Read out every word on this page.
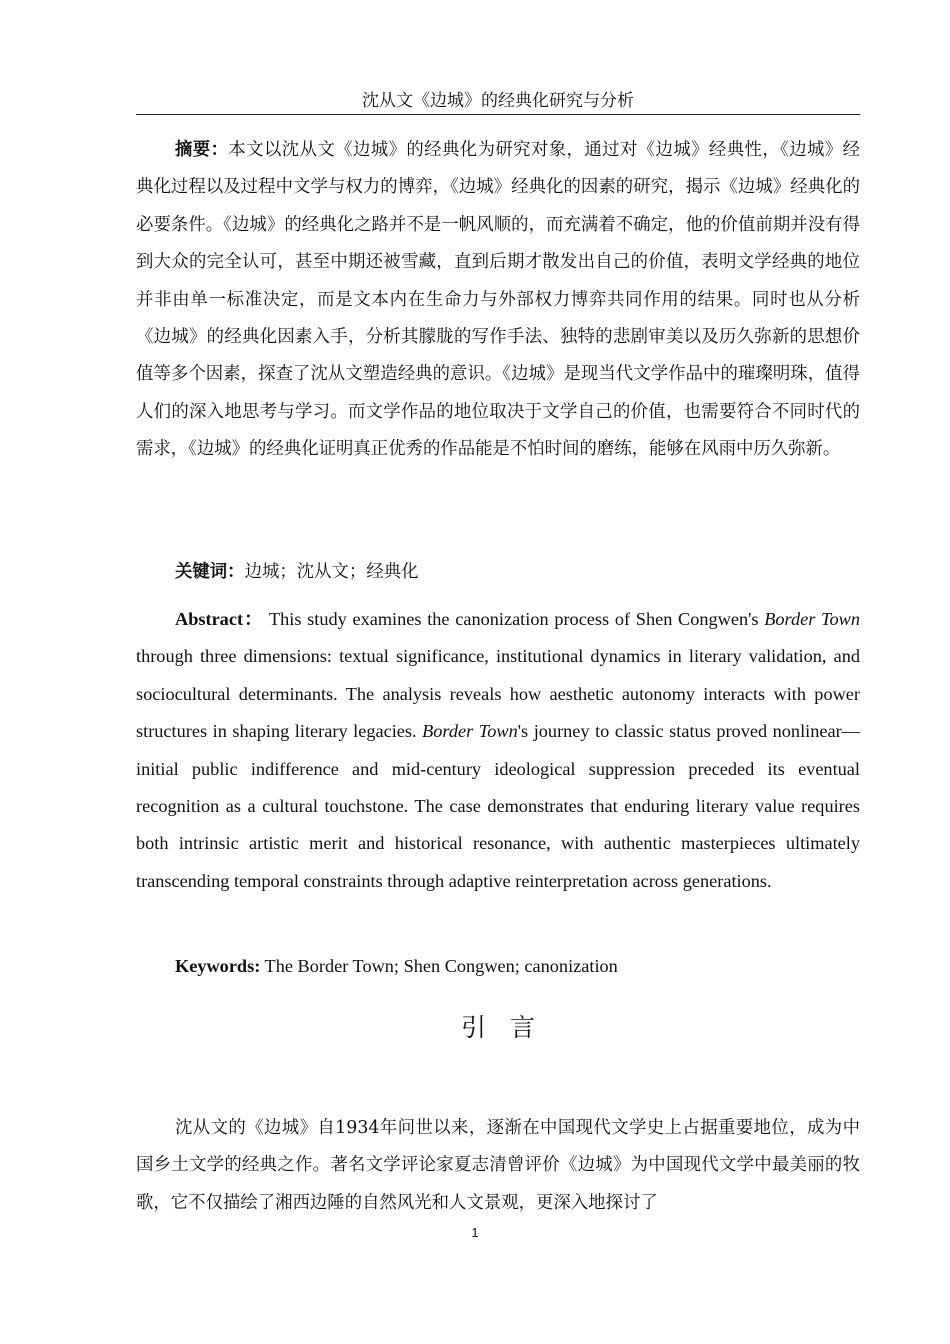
沈从文《边城》的经典化研究与分析
摘要：本文以沈从文《边城》的经典化为研究对象，通过对《边城》经典性，《边城》经典化过程以及过程中文学与权力的博弈，《边城》经典化的因素的研究，揭示《边城》经典化的必要条件。《边城》的经典化之路并不是一帆风顺的，而充满着不确定，他的价值前期并没有得到大众的完全认可，甚至中期还被雪藏，直到后期才散发出自己的价值，表明文学经典的地位并非由单一标准决定，而是文本内在生命力与外部权力博弈共同作用的结果。同时也从分析《边城》的经典化因素入手，分析其朦胧的写作手法、独特的悲剧审美以及历久弥新的思想价值等多个因素，探查了沈从文塑造经典的意识。《边城》是现当代文学作品中的璀璨明珠，值得人们的深入地思考与学习。而文学作品的地位取决于文学自己的价值，也需要符合不同时代的需求，《边城》的经典化证明真正优秀的作品能是不怕时间的磨练，能够在风雨中历久弥新。
关键词：边城；沈从文；经典化
Abstract： This study examines the canonization process of Shen Congwen's Border Town through three dimensions: textual significance, institutional dynamics in literary validation, and sociocultural determinants. The analysis reveals how aesthetic autonomy interacts with power structures in shaping literary legacies. Border Town's journey to classic status proved nonlinear—initial public indifference and mid-century ideological suppression preceded its eventual recognition as a cultural touchstone. The case demonstrates that enduring literary value requires both intrinsic artistic merit and historical resonance, with authentic masterpieces ultimately transcending temporal constraints through adaptive reinterpretation across generations.
Keywords: The Border Town; Shen Congwen; canonization
引言
沈从文的《边城》自1934年问世以来，逐渐在中国现代文学史上占据重要地位，成为中国乡土文学的经典之作。著名文学评论家夏志清曾评价《边城》为中国现代文学中最美丽的牧歌，它不仅描绘了湘西边陲的自然风光和人文景观，更深入地探讨了
1
